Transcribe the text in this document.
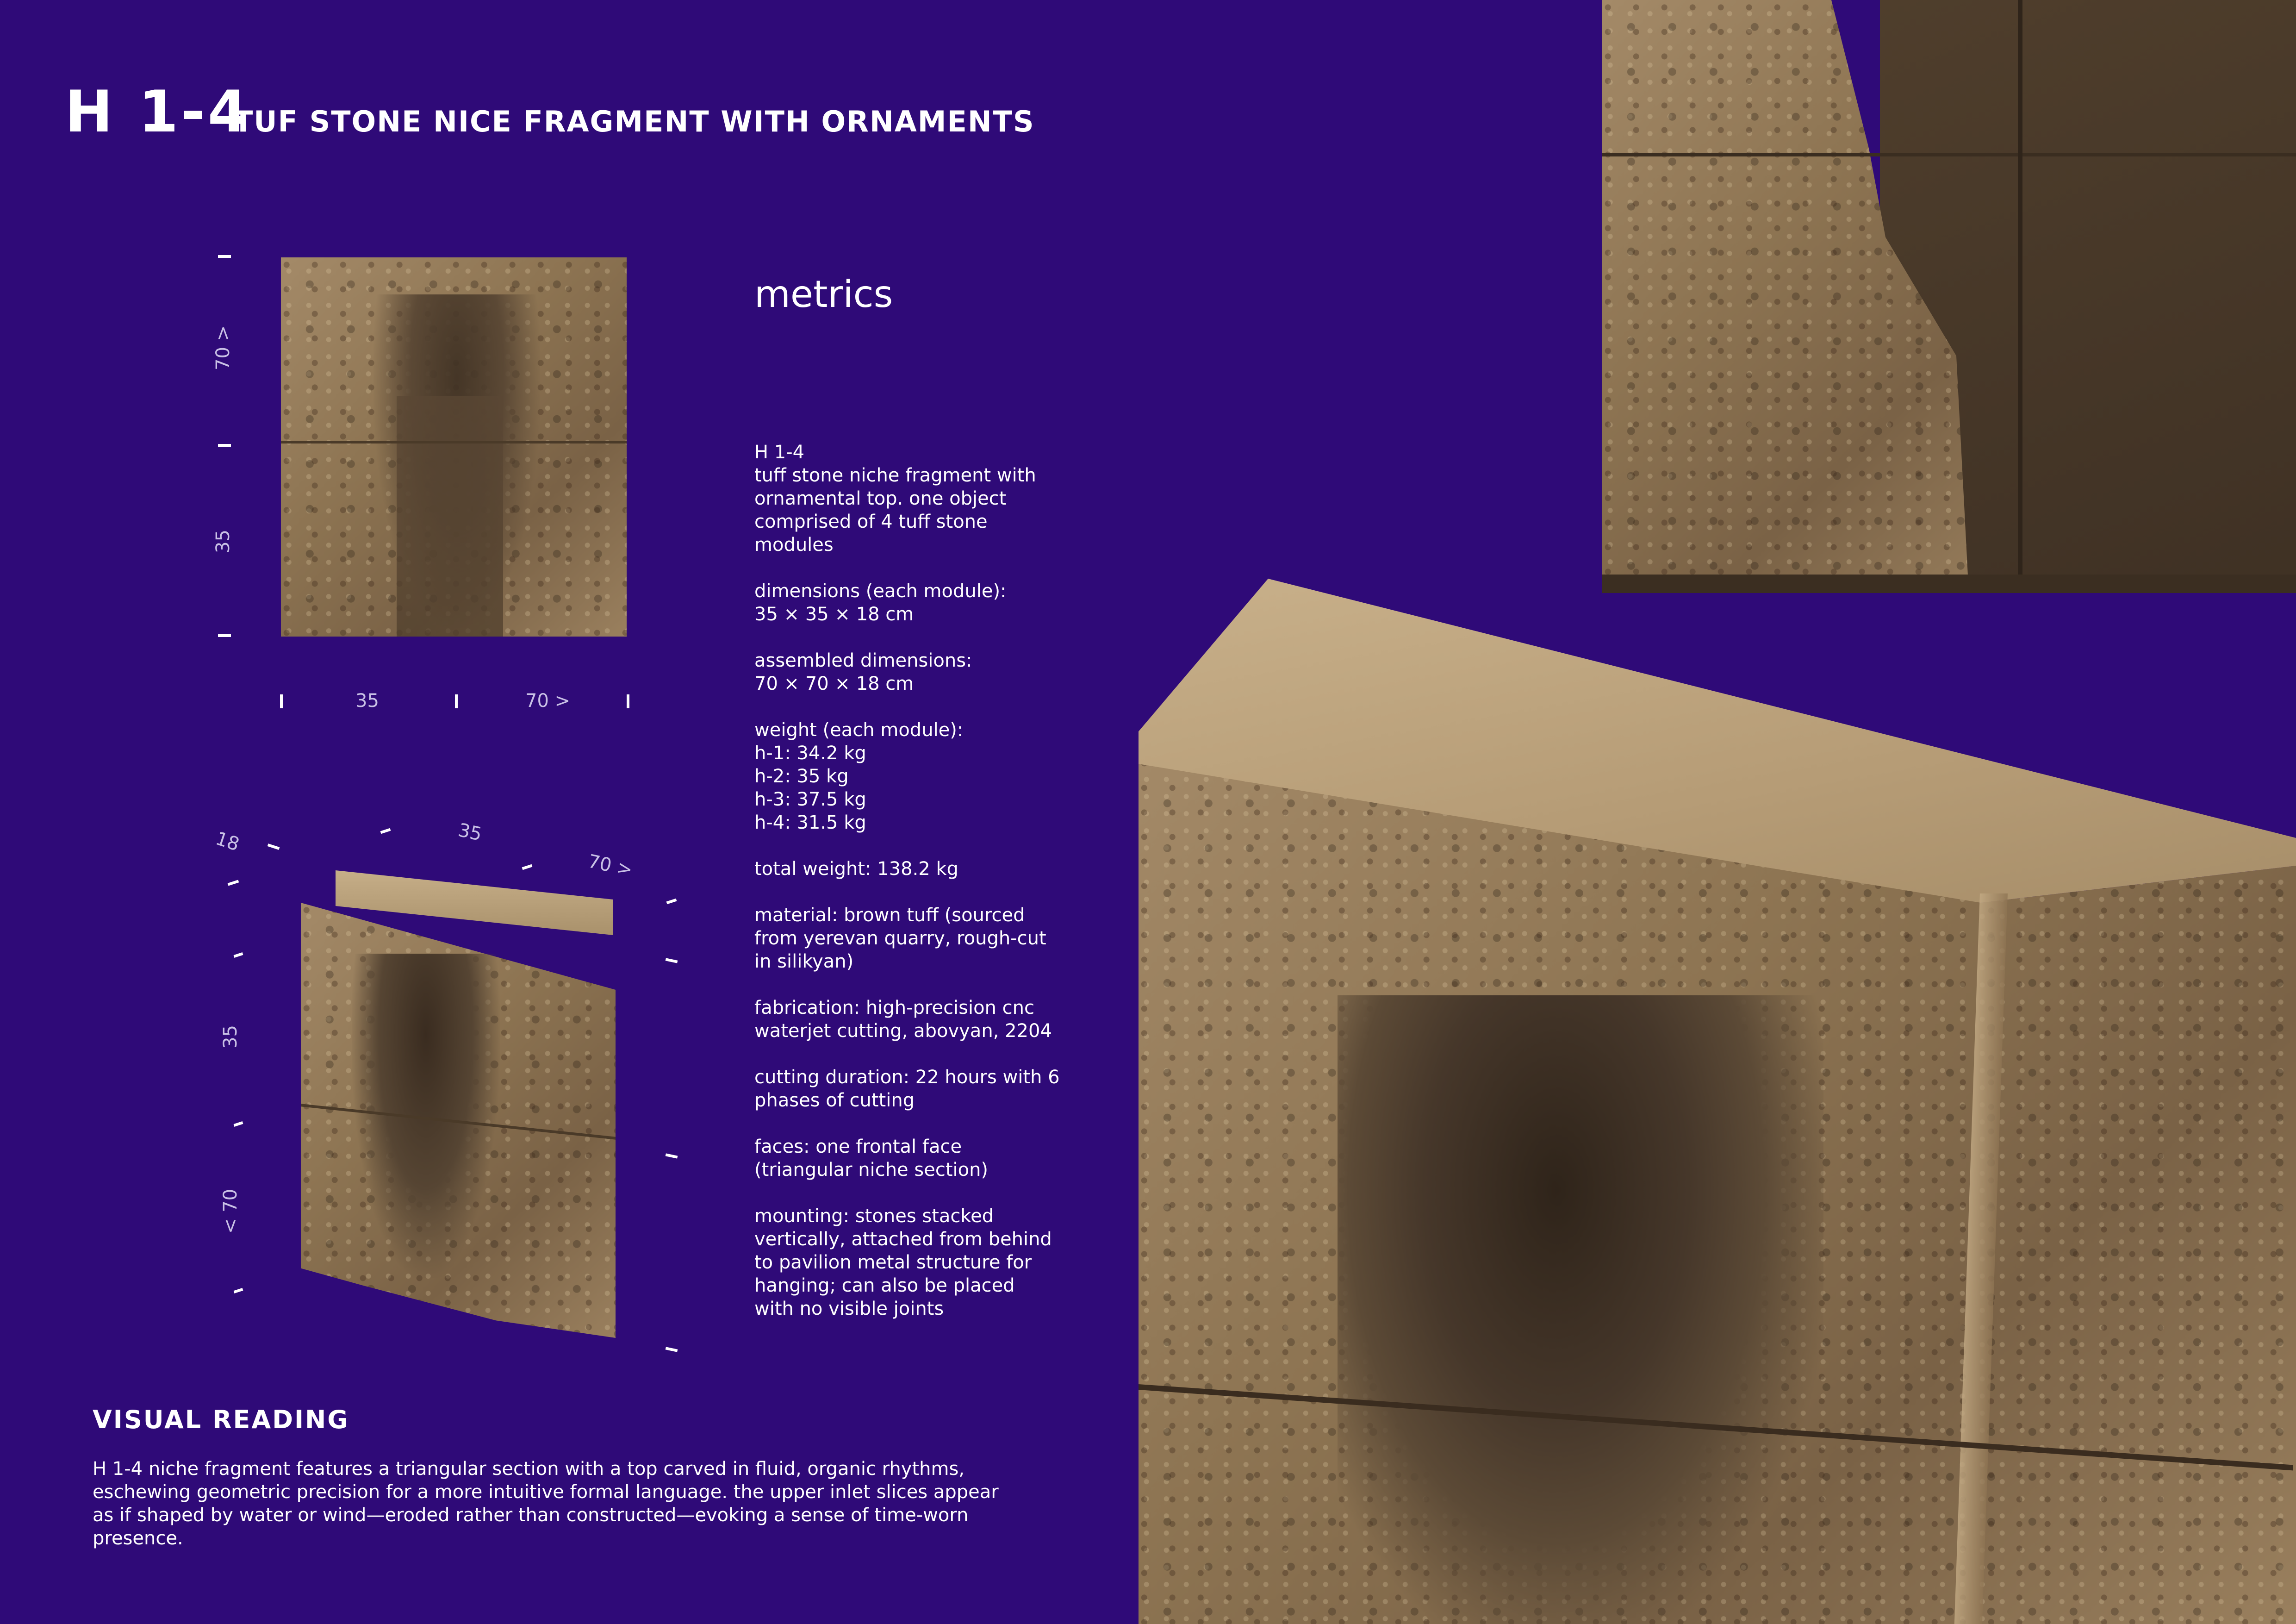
H 1-4
TUF STONE NICE FRAGMENT WITH ORNAMENTS
70 >
35
35	70 >
18	35
70 >
35
< 70
metrics

H 1-4
tuff stone niche fragment with ornamental top. one object comprised of 4 tuff stone modules

dimensions (each module):
35 × 35 × 18 cm

assembled dimensions:
70 × 70 × 18 cm

weight (each module):
h-1: 34.2 kg
h-2: 35 kg
h-3: 37.5 kg
h-4: 31.5 kg

total weight: 138.2 kg

material: brown tuff (sourced from yerevan quarry, rough-cut in silikyan)

fabrication: high-precision cnc waterjet cutting, abovyan, 2204

cutting duration: 22 hours with 6 phases of cutting

faces: one frontal face (triangular niche section)

mounting: stones stacked vertically, attached from behind to pavilion metal structure for hanging; can also be placed with no visible joints

VISUAL READING
H 1-4 niche fragment features a triangular section with a top carved in fluid, organic rhythms, eschewing geometric precision for a more intuitive formal language. the upper inlet slices appear as if shaped by water or wind—eroded rather than constructed—evoking a sense of time-worn presence.
